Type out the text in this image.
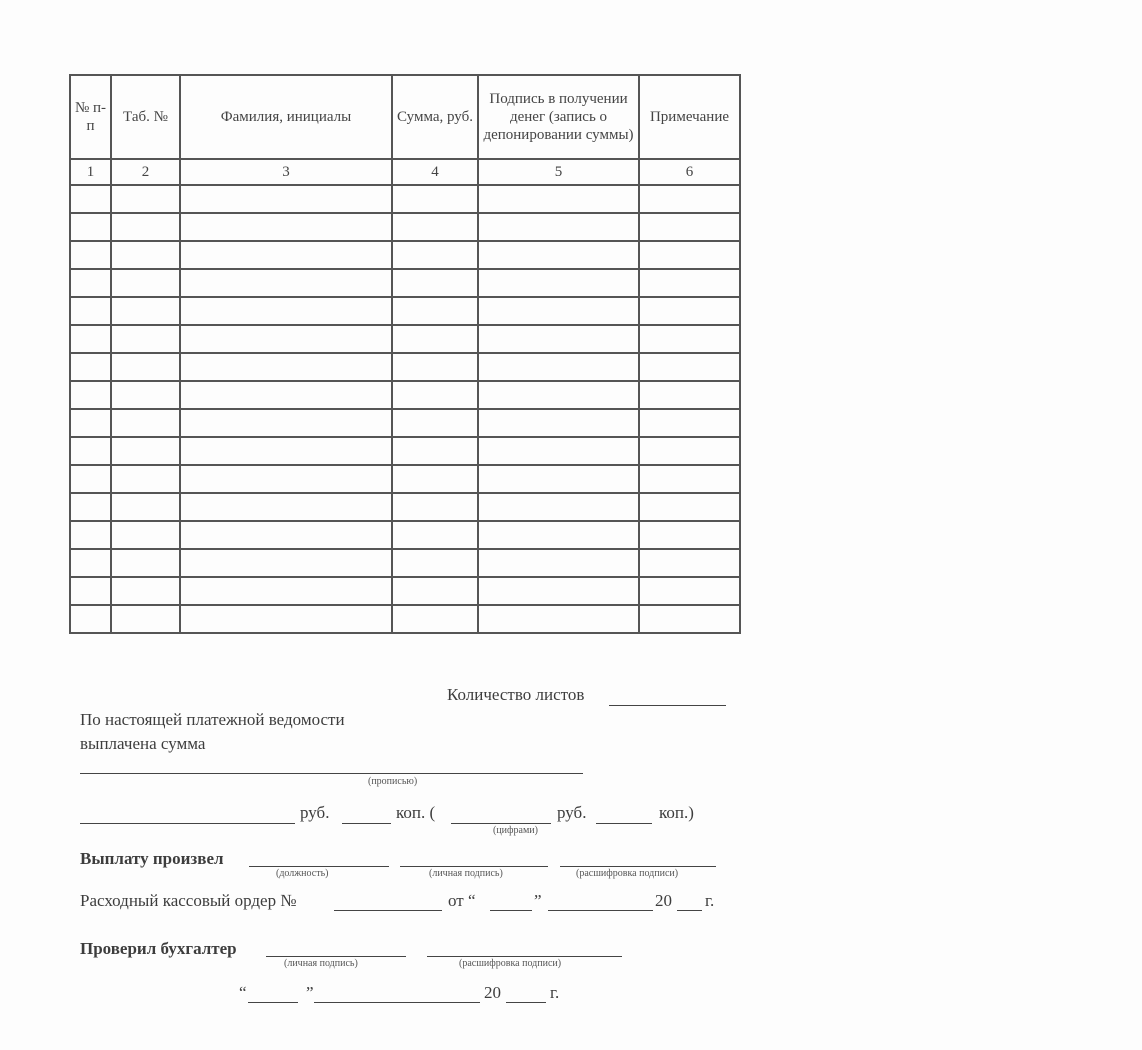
№ п-п	Таб. №	Фамилия, инициалы	Сумма, руб.	Подпись в получении денег (запись о депонировании суммы)	Примечание
1	2	3	4	5	6

Количество листов
По настоящей платежной ведомости
выплачена сумма
(прописью)
руб.	коп. (
(цифрами)
руб.	коп.)
Выплату произвел
(должность)	(личная подпись)	(расшифровка подписи)
Расходный кассовый ордер №	от “	”	20 г.
Проверил бухгалтер
(личная подпись)	(расшифровка подписи)
“	”	20	г.
